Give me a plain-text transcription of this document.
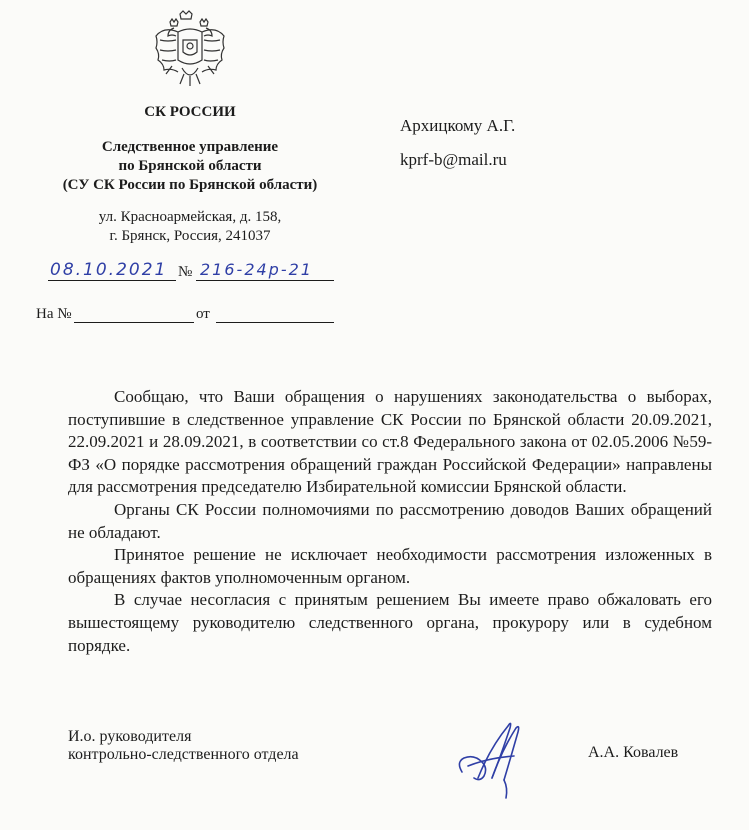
СК РОССИИ
Следственное управление
по Брянской области
(СУ СК России по Брянской области)
ул. Красноармейская, д. 158,
г. Брянск, Россия, 241037
Архицкому А.Г.
kprf-b@mail.ru
08.10.2021 № 216-24р-21
На №	от

Сообщаю, что Ваши обращения о нарушениях законодательства о выборах, поступившие в следственное управление СК России по Брянской области 20.09.2021, 22.09.2021 и 28.09.2021, в соответствии со ст.8 Федерального закона от 02.05.2006 №59-ФЗ «О порядке рассмотрения обращений граждан Российской Федерации» направлены для рассмотрения председателю Избирательной комиссии Брянской области.

Органы СК России полномочиями по рассмотрению доводов Ваших обращений не обладают.

Принятое решение не исключает необходимости рассмотрения изложенных в обращениях фактов уполномоченным органом.

В случае несогласия с принятым решением Вы имеете право обжаловать его вышестоящему руководителю следственного органа, прокурору или в судебном порядке.

И.о. руководителя
контрольно-следственного отдела	А.А. Ковалев
